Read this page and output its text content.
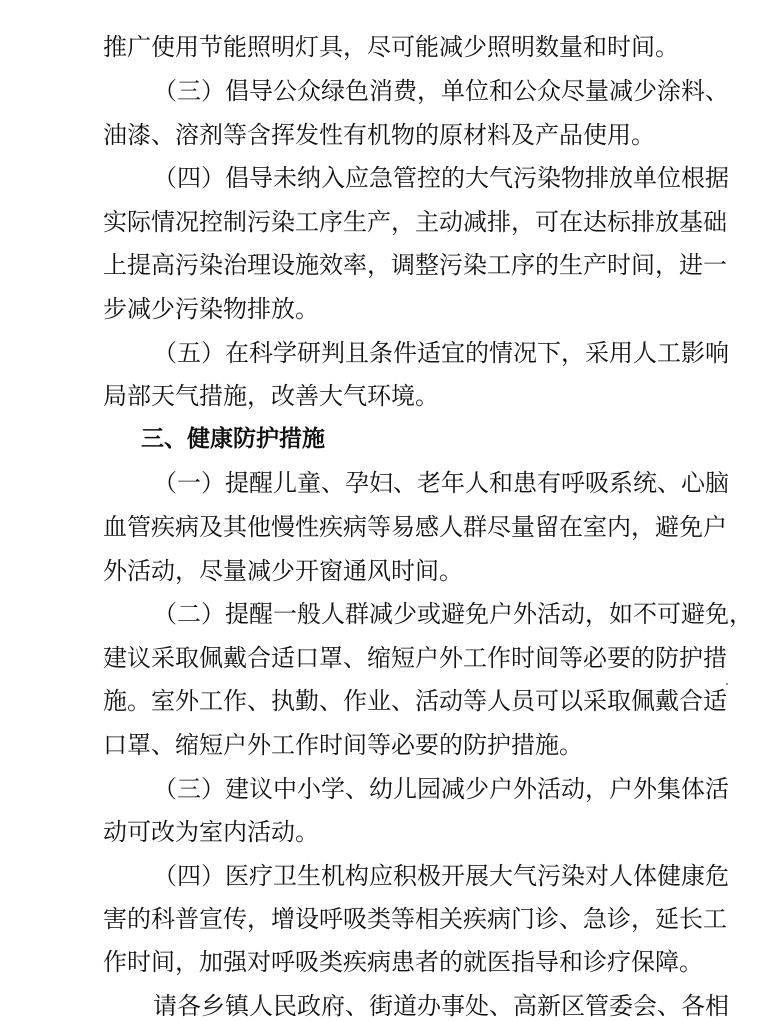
推广使用节能照明灯具，尽可能减少照明数量和时间。

（三）倡导公众绿色消费，单位和公众尽量减少涂料、

油漆、溶剂等含挥发性有机物的原材料及产品使用。

（四）倡导未纳入应急管控的大气污染物排放单位根据

实际情况控制污染工序生产，主动减排，可在达标排放基础

上提高污染治理设施效率，调整污染工序的生产时间，进一

步减少污染物排放。

（五）在科学研判且条件适宜的情况下，采用人工影响

局部天气措施，改善大气环境。

三、健康防护措施

（一）提醒儿童、孕妇、老年人和患有呼吸系统、心脑

血管疾病及其他慢性疾病等易感人群尽量留在室内，避免户

外活动，尽量减少开窗通风时间。

（二）提醒一般人群减少或避免户外活动，如不可避免，

建议采取佩戴合适口罩、缩短户外工作时间等必要的防护措

施。室外工作、执勤、作业、活动等人员可以采取佩戴合适

口罩、缩短户外工作时间等必要的防护措施。

（三）建议中小学、幼儿园减少户外活动，户外集体活

动可改为室内活动。

（四）医疗卫生机构应积极开展大气污染对人体健康危

害的科普宣传，增设呼吸类等相关疾病门诊、急诊，延长工

作时间，加强对呼吸类疾病患者的就医指导和诊疗保障。

请各乡镇人民政府、街道办事处、高新区管委会、各相
